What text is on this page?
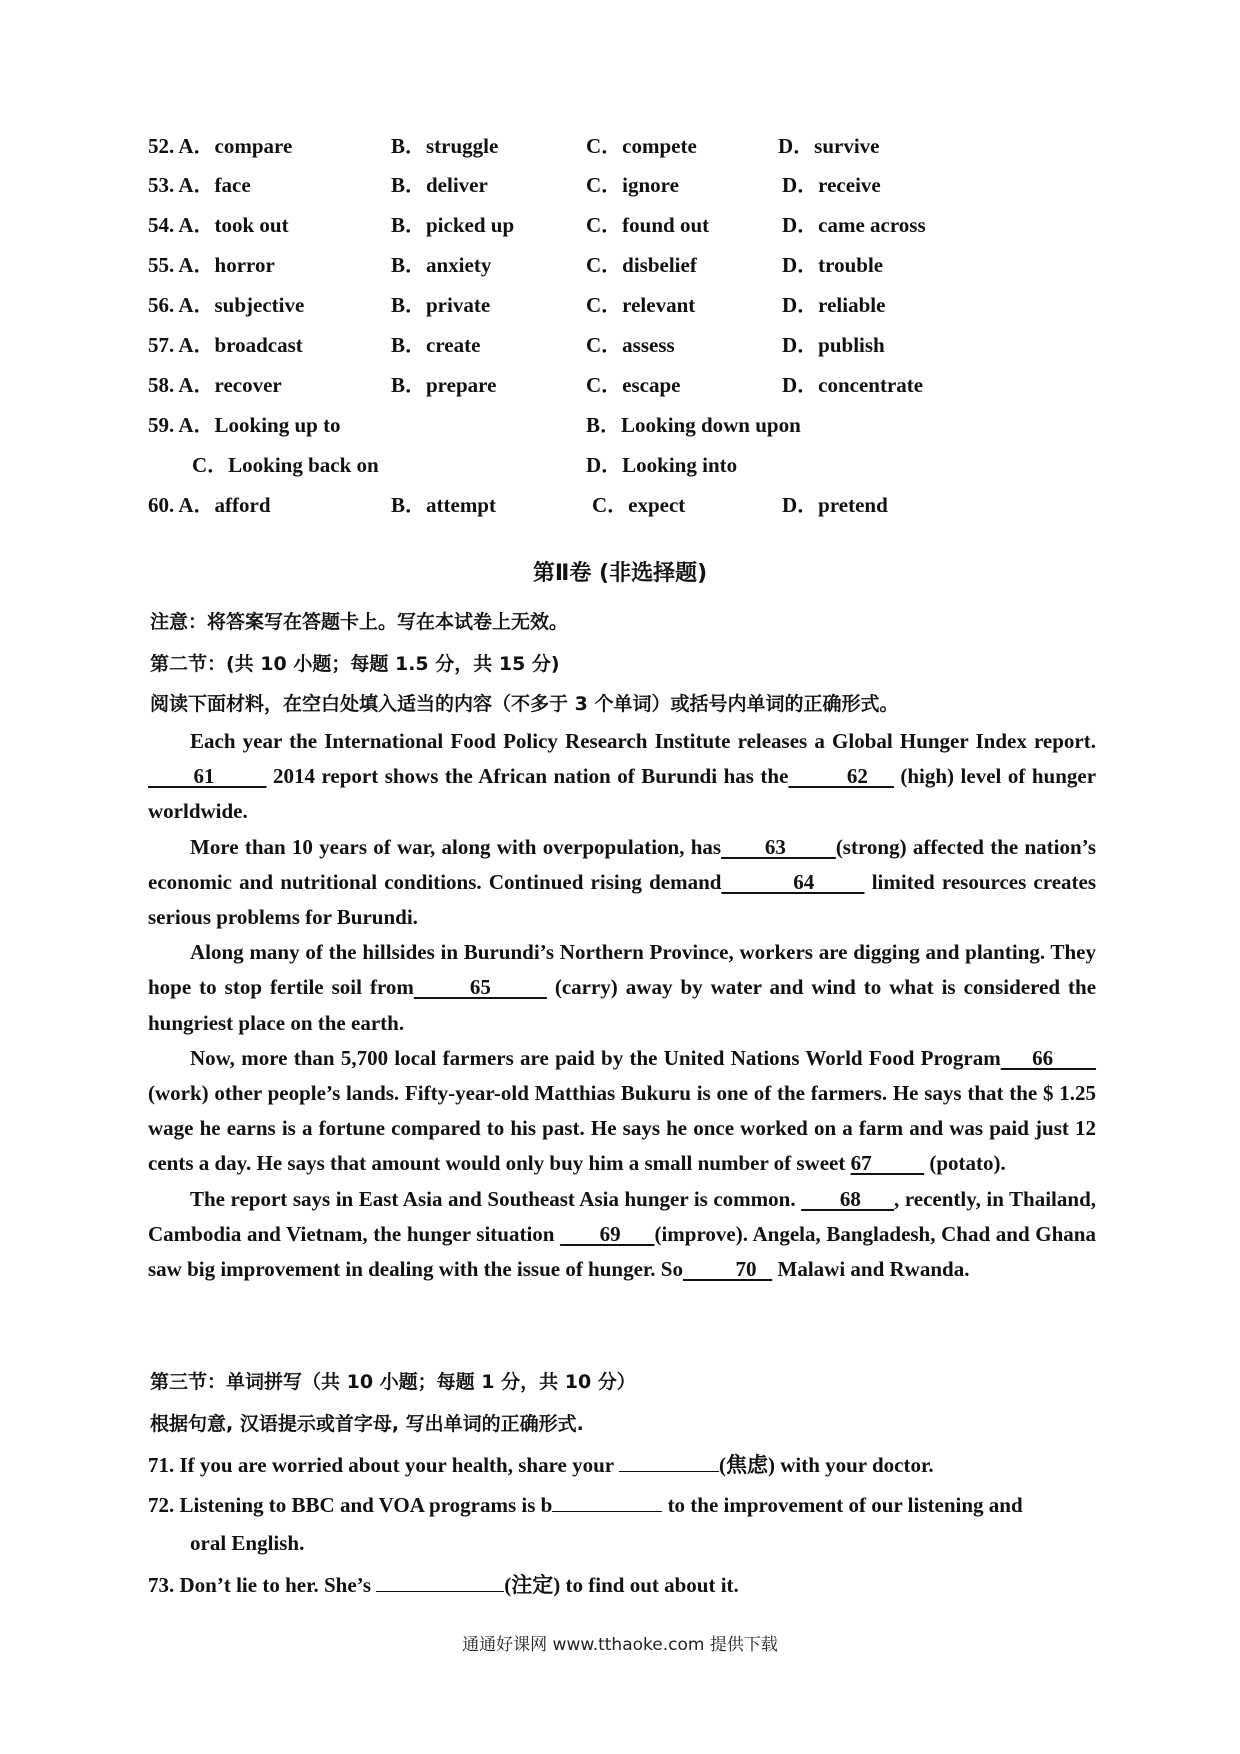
52. A．compare	B．struggle	C．compete	D．survive
53. A．face	B．deliver	C．ignore	D．receive
54. A．took out	B．picked up	C．found out	D．came across
55. A．horror	B．anxiety	C．disbelief	D．trouble
56. A．subjective	B．private	C．relevant	D．reliable
57. A．broadcast	B．create	C．assess	D．publish
58. A．recover	B．prepare	C．escape	D．concentrate
59. A．Looking up to	B．Looking down upon
C．Looking back on	D．Looking into
60. A．afford	B．attempt	C．expect	D．pretend
第Ⅱ卷 (非选择题)
注意：将答案写在答题卡上。写在本试卷上无效。
第二节：(共 10 小题；每题 1.5 分，共 15 分)
阅读下面材料，在空白处填入适当的内容（不多于 3 个单词）或括号内单词的正确形式。

Each year the International Food Policy Research Institute releases a Global Hunger Index report.        61         2014 report shows the African nation of Burundi has the         62     (high) level of hunger worldwide.

More than 10 years of war, along with overpopulation, has       63        (strong) affected the nation’s economic and nutritional conditions. Continued rising demand          64        limited resources creates serious problems for Burundi.

Along many of the hillsides in Burundi’s Northern Province, workers are digging and planting. They hope to stop fertile soil from       65        (carry) away by water and wind to what is considered the hungriest place on the earth.

Now, more than 5,700 local farmers are paid by the United Nations World Food Program     66        (work) other people’s lands. Fifty-year-old Matthias Bukuru is one of the farmers. He says that the $ 1.25 wage he earns is a fortune compared to his past. He says he once worked on a farm and was paid just 12 cents a day. He says that amount would only buy him a small number of sweet 67           (potato).

The report says in East Asia and Southeast Asia hunger is common.        68      , recently, in Thailand, Cambodia and Vietnam, the hunger situation        69      (improve). Angela, Bangladesh, Chad and Ghana saw big improvement in dealing with the issue of hunger. So          70    Malawi and Rwanda.

第三节：单词拼写（共 10 小题；每题 1 分，共 10 分）
根据句意, 汉语提示或首字母, 写出单词的正确形式.
71. If you are worried about your health, share your	(焦虑) with your doctor.
72. Listening to BBC and VOA programs is b	to the improvement of our listening and
oral English.
73. Don’t lie to her. She’s	(注定) to find out about it.
通通好课网 www.tthaoke.com 提供下载
